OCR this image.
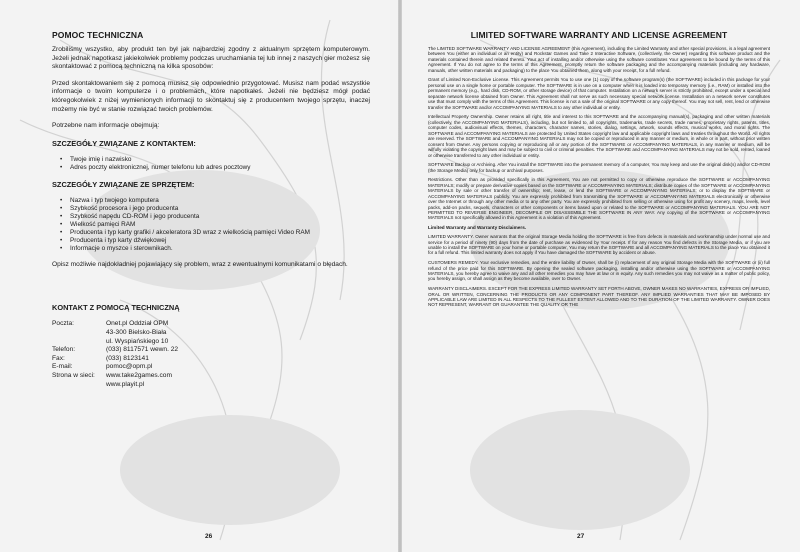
POMOC TECHNICZNA

Zrobiliśmy wszystko, aby produkt ten był jak najbardziej zgodny z aktualnym sprzętem komputerowym. Jeżeli jednak napotkasz jakiekolwiek problemy podczas uruchamiania tej lub innej z naszych gier możesz się skontaktować z pomocą techniczną na kilka sposobów:

Przed skontaktowaniem się z pomocą musisz się odpowiednio przygotować. Musisz nam podać wszystkie informacje o twoim komputerze i o problemach, które napotkałeś. Jeżeli nie będziesz mógł podać któregokolwiek z niżej wymienionych informacji to skontaktuj się z producentem twojego sprzętu, inaczej możemy nie być w stanie rozwiązać twoich problemów.

Potrzebne nam informacje obejmują:

SZCZEGÓŁY ZWIĄZANE Z KONTAKTEM:
• Twoje imię i nazwisko
• Adres poczty elektronicznej, numer telefonu lub adres pocztowy
SZCZEGÓŁY ZWIĄZANE ZE SPRZĘTEM:
• Nazwa i typ twojego komputera
• Szybkość procesora i jego producenta
• Szybkość napędu CD-ROM i jego producenta
• Wielkość pamięci RAM
• Producenta i typ karty grafiki / akceleratora 3D wraz z wielkością pamięci Video RAM
• Producenta i typ karty dźwiękowej
• Informacje o myszce i sterownikach.

Opisz możliwie najdokładniej pojawiający się problem, wraz z ewentualnymi komunikatami o błędach.

KONTAKT Z POMOCĄ TECHNICZNĄ
Poczta:	Onet.pl Oddział OPM
43-300 Bielsko-Biała
ul. Wyspiańskiego 10
Telefon:	(033) 8117571 wewn. 22
Fax:	(033) 8123141
E-mail:	pomoc@opm.pl
Strona w sieci:	www.take2games.com
www.playit.pl
26
LIMITED SOFTWARE WARRANTY AND LICENSE AGREEMENT

The LIMITED SOFTWARE WARRANTY AND LICENSE AGREEMENT (this Agreement), including the Limited Warranty and other special provisions, is a legal agreement between You (either an individual or an entity) and Rockstar Games and Take 2 Interactive Software, (collectively, the Owner) regarding this software product and the materials contained therein and related thereto. Your act of installing and/or otherwise using the software constitutes Your agreement to be bound by the terms of this Agreement. If You do not agree to the terms of this Agreement, promptly return the software packaging and the accompanying materials (including any hardware, manuals, other written materials and packaging) to the place You obtained them, along with your receipt, for a full refund.

Grant of Limited Non-Exclusive License. This Agreement permits You to use one (1) copy of the software program(s) (the SOFTWARE) included in this package for your personal use on a single home or portable computer. The SOFTWARE is in use on a computer when it is loaded into temporary memory (i.e., RAM) or installed into the permanent memory (e.g., hard disk, CD-ROM, or other storage device) of that computer. Installation on a network server is strictly prohibited, except under a special and separate network license obtained from Owner. This Agreement shall not serve as such necessary special network license. Installation on a network server constitutes use that must comply with the terms of this Agreement. This license is not a sale of the original SOFTWARE or any copy thereof. You may not sell, rent, lend or otherwise transfer the SOFTWARE and/or ACCOMPANYING MATERIALS to any other individual or entity.

Intellectual Property Ownership. Owner retains all right, title and interest to this SOFTWARE and the accompanying manual(s), packaging and other written materials (collectively, the ACCOMPANYING MATERIALS), including, but not limited to, all copyrights, trademarks, trade secrets, trade names, proprietary rights, patents, titles, computer codes, audiovisual effects, themes, characters, character names, stories, dialog, settings, artwork, sounds effects, musical works, and moral rights. The SOFTWARE and ACCOMPANYING MATERIALS are protected by United States copyright law and applicable copyright laws and treaties throughout the World. All rights are reserved. The SOFTWARE and ACCOMPANYING MATERIALS may not be copied or reproduced in any manner or medium, in whole or in part, without prior written consent from Owner. Any persons copying or reproducing all or any portion of the SOFTWARE or ACCOMPANYING MATERIALS, in any manner or medium, will be wilfully violating the copyright laws and may be subject to civil or criminal penalties. The SOFTWARE and ACCOMPANYING MATERIALS may not be sold, rented, loaned or otherwise transferred to any other individual or entity.

SOFTWARE Backup or Archiving. After You install the SOFTWARE into the permanent memory of a computer, You may keep and use the original disk(s) and/or CD-ROM (the Storage Media) only for backup or archival purposes.

Restrictions. Other than as provided specifically in this Agreement, You are not permitted to copy or otherwise reproduce the SOFTWARE or ACCOMPANYING MATERIALS; modify or prepare derivative copies based on the SOFTWARE or ACCOMPANYING MATERIALS; distribute copies of the SOFTWARE or ACCOMPANYING MATERIALS by sale or other transfer of ownership; rent, lease, or lend the SOFTWARE or ACCOMPANYING MATERIALS; or to display the SOFTWARE or ACCOMPANYING MATERIALS publicly. You are expressly prohibited from transmitting the SOFTWARE or ACCOMPANYING MATERIALS electronically or otherwise over the Internet or through any other media or to any other party. You are expressly prohibited from selling or otherwise using for profit any scenery, maps, levels, level packs, add-on packs, sequels, characters or other components or items based upon or related to the SOFTWARE or ACCOMPANYING MATERIALS. YOU ARE NOT PERMITTED TO REVERSE ENGINEER, DECOMPILE OR DISASSEMBLE THE SOFTWARE IN ANY WAY. Any copying of the SOFTWARE or ACCOMPANYING MATERIALS not specifically allowed in this Agreement is a violation of this Agreement.

Limited Warranty and Warranty Disclaimers.

LIMITED WARRANTY. Owner warrants that the original Storage Media holding the SOFTWARE is free from defects in materials and workmanship under normal use and service for a period of ninety (90) days from the date of purchase as evidenced by Your receipt. If for any reason You find defects in the Storage Media, or if you are unable to install the SOFTWARE on your home or portable computer, You may return the SOFTWARE and all ACCOMPANYING MATERIALS to the place You obtained it for a full refund. This limited warranty does not apply if You have damaged the SOFTWARE by accident or abuse.

CUSTOMERS REMEDY. Your exclusive remedies, and the entire liability of Owner, shall be (i) replacement of any original Storage Media with the SOFTWARE or (ii) full refund of the price paid for this SOFTWARE. By opening the sealed software packaging, installing and/or otherwise using the SOFTWARE or ACCOMPANYING MATERIALS, you hereby agree to waive any and all other remedies you may have at law or in equity. Any such remedies you may not waive as a matter of public policy, you hereby assign, or shall assign as they become available, over to Owner.

WARRANTY DISCLAIMERS. EXCEPT FOR THE EXPRESS LIMITED WARRANTY SET FORTH ABOVE, OWNER MAKES NO WARRANTIES, EXPRESS OR IMPLIED, ORAL OR WRITTEN, CONCERNING THE PRODUCTS OR ANY COMPONENT PART THEREOF. ANY IMPLIED WARRANTIES THAT MAY BE IMPOSED BY APPLICABLE LAW ARE LIMITED IN ALL RESPECTS TO THE FULLEST EXTENT ALLOWED AND TO THE DURATION OF THE LIMITED WARRANTY. OWNER DOES NOT REPRESENT, WARRANT OR GUARANTEE THE QUALITY OR THE

27
